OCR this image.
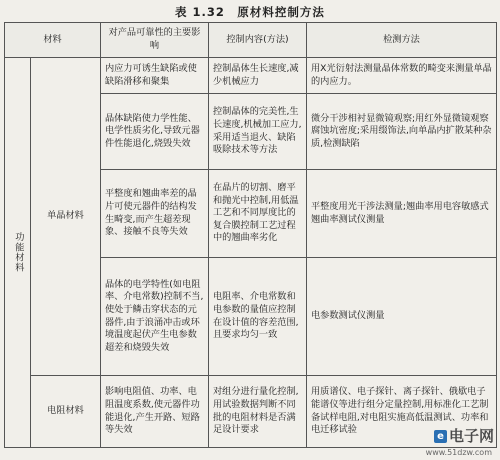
表 1.32　原材料控制方法
材料		对产品可靠性的主要影响	控制内容(方法)	检测方法
功能材料	单晶材料	内应力可诱生缺陷或使缺陷滑移和聚集	控制晶体生长速度,减少机械应力	用X光衍射法测量晶体常数的畸变来测量单晶的内应力。
		晶体缺陷使力学性能、电学性质劣化,导致元器件性能退化,烧毁失效	控制晶体的完美性,生长速度,机械加工应力,采用适当退火、缺陷吸除技术等方法	微分干涉相衬显微镜观察;用红外显微镜观察腐蚀坑密度;采用缀饰法,向单晶内扩散某种杂质,检测缺陷
		平整度和翘曲率差的晶片可使元器件的结构发生畸变,而产生超差现象、接触不良等失效	在晶片的切割、磨平和抛光中控制,用低温工艺和不同厚度比的复合膜控制工艺过程中的翘曲率劣化	平整度用光干涉法测量;翘曲率用电容敏感式翘曲率测试仪测量
		晶体的电学特性(如电阻率、介电常数)控制不当,使处于鳞击穿状态的元器件,由于浪涌冲击或环境温度起伏产生电参数超差和烧毁失效	电阻率、介电常数和电参数的量值应控制在设计值的容差范围,且要求均匀一致	电参数测试仪测量
	电阻材料	影响电阻值、功率、电阻温度系数,使元器件功能退化,产生开路、短路等失效	对组分进行量化控制,用试验数据判断不同批的电阻材料是否满足设计要求	用质谱仪、电子探针、离子探针、俄歇电子能谱仪等进行组分定量控制,用标准化工艺制备试样电阻,对电阻实施高低温测试、功率和电迁移试验
e 电子网
www.51dzw.com
